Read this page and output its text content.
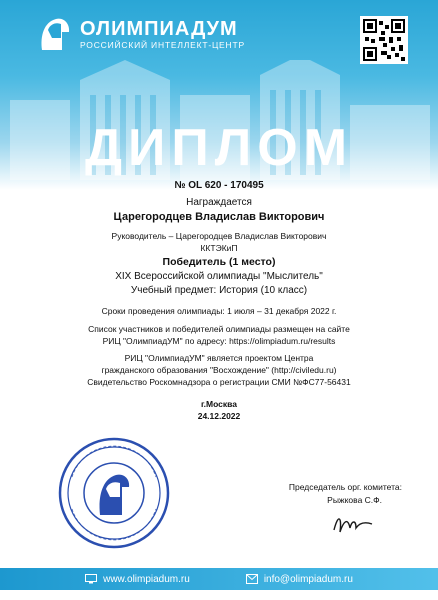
ОЛИМПИАДУМ
РОССИЙСКИЙ ИНТЕЛЛЕКТ-ЦЕНТР
ДИПЛОМ
№ OL 620 - 170495
Награждается
Царегородцев Владислав Викторович
Руководитель – Царегородцев Владислав Викторович
ККТЭКиП
Победитель (1 место)
XIX Всероссийской олимпиады "Мыслитель"
Учебный предмет: История (10 класс)
Сроки проведения олимпиады: 1 июля – 31 декабря 2022 г.
Список участников и победителей олимпиады размещен на сайте
РИЦ "ОлимпиадУМ" по адресу: https://olimpiadum.ru/results
РИЦ "ОлимпиадУМ" является проектом Центра
гражданского образования "Восхождение" (http://civiledu.ru)
Свидетельство Роскомнадзора о регистрации СМИ №ФС77-56431
г.Москва
24.12.2022
Председатель орг. комитета:
Рыжкова С.Ф.
www.olimpiadum.ru	info@olimpiadum.ru
